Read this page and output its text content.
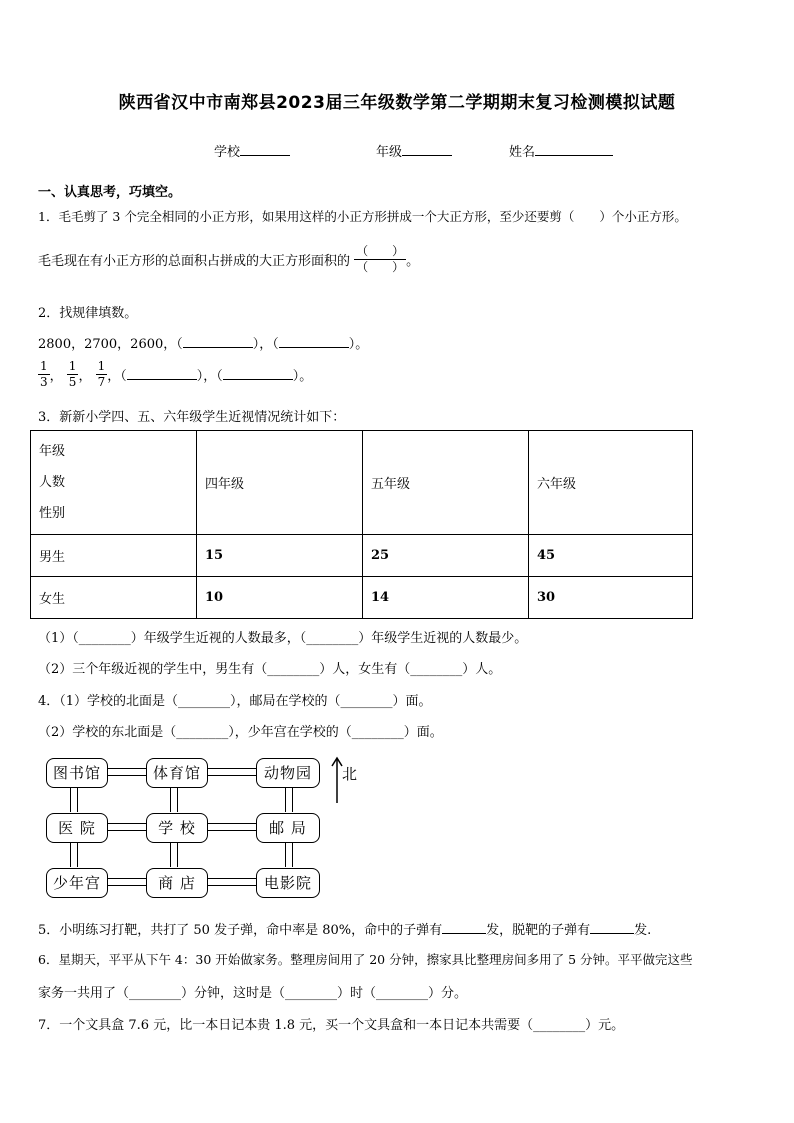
陕西省汉中市南郑县2023届三年级数学第二学期期末复习检测模拟试题
学校	年级	姓名
一、认真思考，巧填空。
1．毛毛剪了 3 个完全相同的小正方形，如果用这样的小正方形拼成一个大正方形，至少还要剪（　　）个小正方形。
毛毛现在有小正方形的总面积占拼成的大正方形面积的 $\frac{( )}{( )}$ 。
2．找规律填数。
2800，2700，2600，（	），（	）。
$\frac{1}{3}$ ， $\frac{1}{5}$ ， $\frac{1}{7}$ ，（	），（	）。
3．新新小学四、五、六年级学生近视情况统计如下：
年级
人数
性别	四年级	五年级	六年级
男生	15	25	45
女生	10	14	30
（1）（________）年级学生近视的人数最多，（________）年级学生近视的人数最少。
（2）三个年级近视的学生中，男生有（________）人，女生有（________）人。
4．（1）学校的北面是（________），邮局在学校的（________）面。
（2）学校的东北面是（________），少年宫在学校的（________）面。
图书馆	体育馆	动物园
医 院	学 校	邮 局
少年宫	商 店	电影院
北
5．小明练习打靶，共打了 50 发子弹，命中率是 80%，命中的子弹有	发，脱靶的子弹有	发.
6．星期天，平平从下午 4：30 开始做家务。整理房间用了 20 分钟，擦家具比整理房间多用了 5 分钟。平平做完这些
家务一共用了（________）分钟，这时是（________）时（________）分。
7．一个文具盒 7.6 元，比一本日记本贵 1.8 元，买一个文具盒和一本日记本共需要（________）元。
